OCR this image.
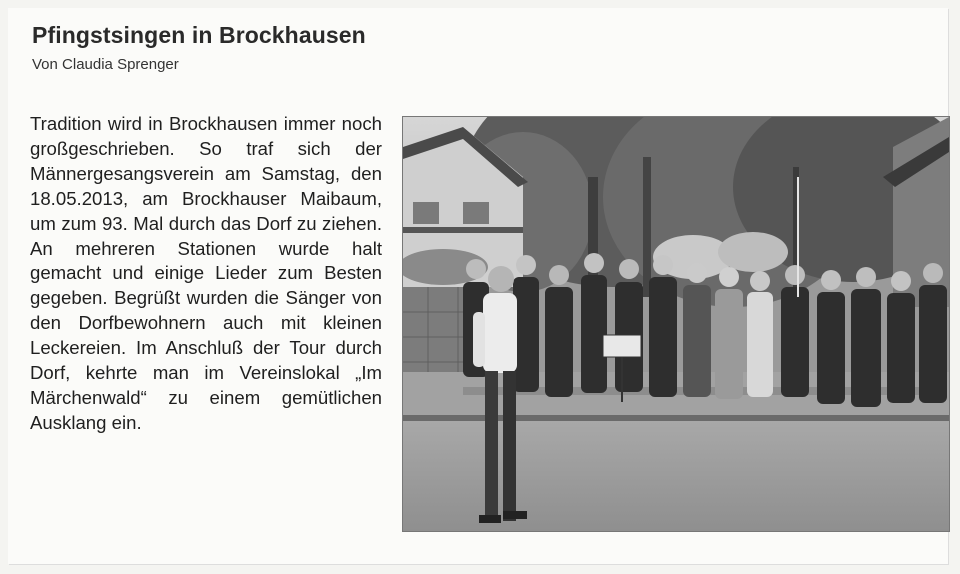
Pfingstsingen in Brockhausen
Von Claudia Sprenger

Tradition wird in Brockhausen immer noch großgeschrieben. So traf sich der Männergesangsverein am Samstag, den 18.05.2013, am Brockhauser Maibaum, um zum 93. Mal durch das Dorf zu ziehen. An mehreren Stationen wurde halt gemacht und einige Lieder zum Besten gegeben. Begrüßt wurden die Sänger von den Dorfbewohnern auch mit kleinen Leckereien. Im Anschluß der Tour durch Dorf, kehrte man im Vereinslokal „Im Märchenwald“ zu einem gemütlichen Ausklang ein.
